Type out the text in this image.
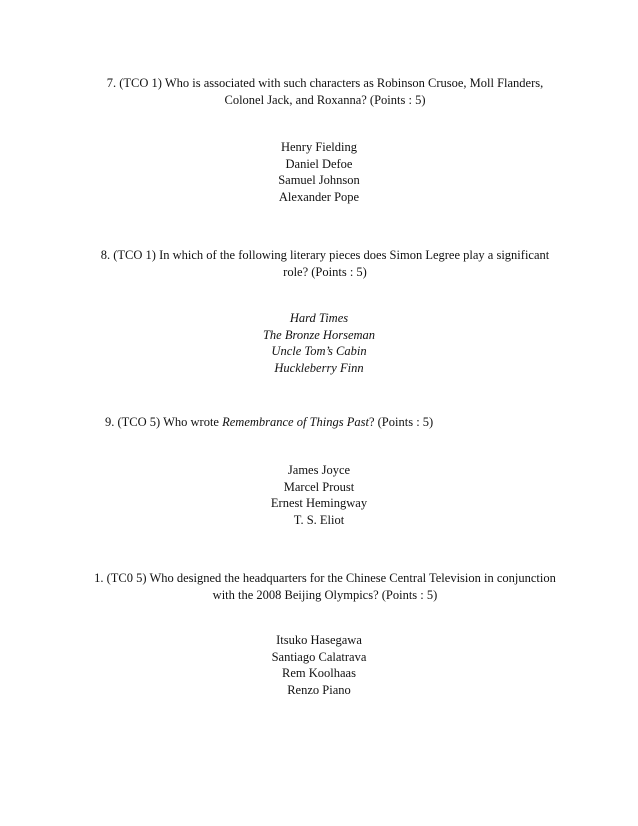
7. (TCO 1) Who is associated with such characters as Robinson Crusoe, Moll Flanders,
Colonel Jack, and Roxanna? (Points : 5)
Henry Fielding
Daniel Defoe
Samuel Johnson
Alexander Pope
8. (TCO 1) In which of the following literary pieces does Simon Legree play a significant
role? (Points : 5)
Hard Times
The Bronze Horseman
Uncle Tom’s Cabin
Huckleberry Finn
9. (TCO 5) Who wrote Remembrance of Things Past? (Points : 5)
James Joyce
Marcel Proust
Ernest Hemingway
T. S. Eliot
1. (TC0 5) Who designed the headquarters for the Chinese Central Television in conjunction
with the 2008 Beijing Olympics? (Points : 5)
Itsuko Hasegawa
Santiago Calatrava
Rem Koolhaas
Renzo Piano
